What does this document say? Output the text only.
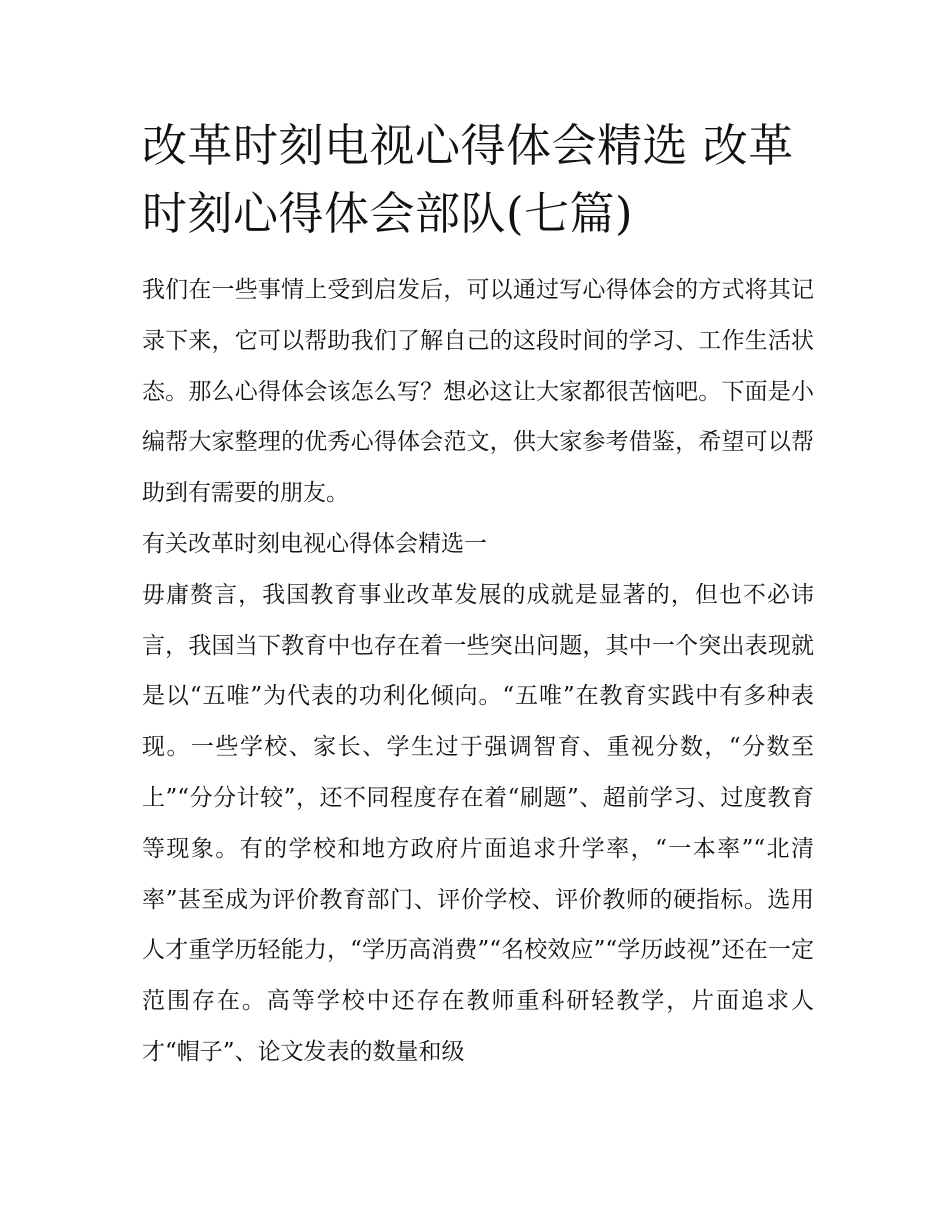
改革时刻电视心得体会精选 改革时刻心得体会部队(七篇)

我们在一些事情上受到启发后，可以通过写心得体会的方式将其记录下来，它可以帮助我们了解自己的这段时间的学习、工作生活状态。那么心得体会该怎么写？想必这让大家都很苦恼吧。下面是小编帮大家整理的优秀心得体会范文，供大家参考借鉴，希望可以帮助到有需要的朋友。

有关改革时刻电视心得体会精选一

毋庸赘言，我国教育事业改革发展的成就是显著的，但也不必讳言，我国当下教育中也存在着一些突出问题，其中一个突出表现就是以“五唯”为代表的功利化倾向。“五唯”在教育实践中有多种表现。一些学校、家长、学生过于强调智育、重视分数，“分数至上”“分分计较”，还不同程度存在着“刷题”、超前学习、过度教育等现象。有的学校和地方政府片面追求升学率，“一本率”“北清率”甚至成为评价教育部门、评价学校、评价教师的硬指标。选用人才重学历轻能力，“学历高消费”“名校效应”“学历歧视”还在一定范围存在。高等学校中还存在教师重科研轻教学，片面追求人才“帽子”、论文发表的数量和级
